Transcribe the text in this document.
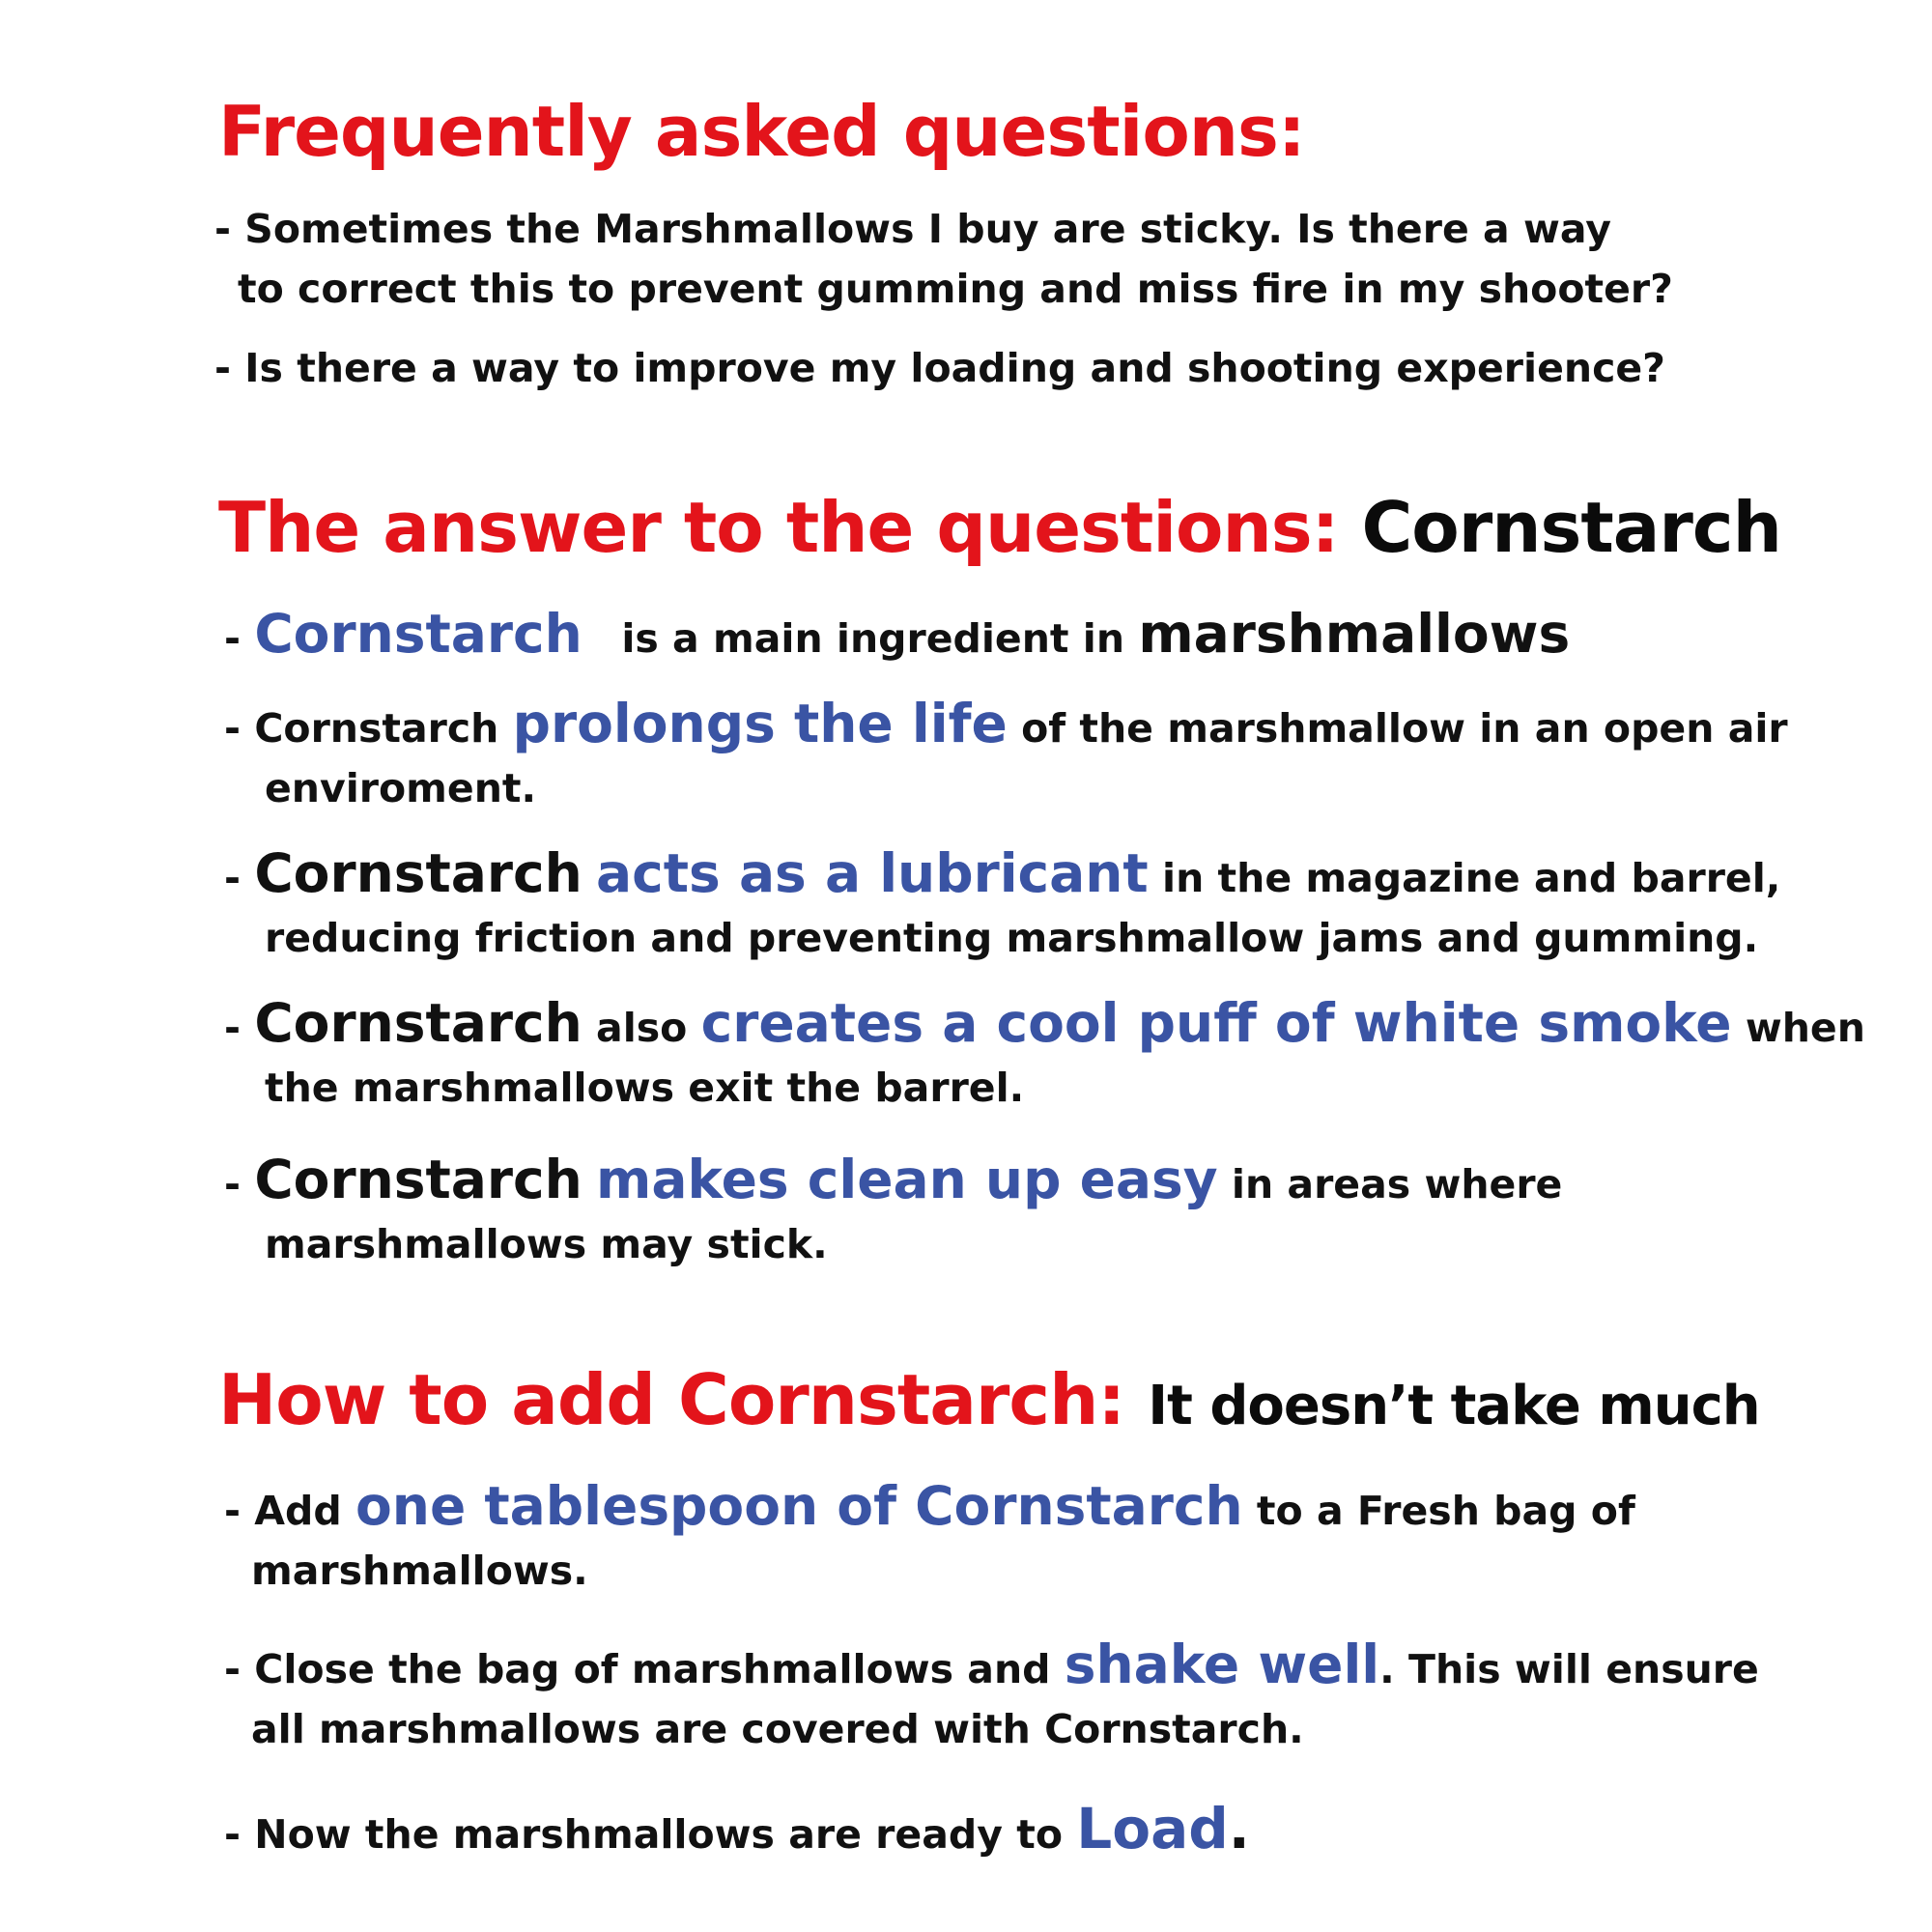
Frequently asked questions:
- Sometimes the Marshmallows I buy are sticky. Is there a way
to correct this to prevent gumming and miss fire in my shooter?
- Is there a way to improve my loading and shooting experience?
The answer to the questions: Cornstarch
- Cornstarch is a main ingredient in marshmallows
- Cornstarch prolongs the life of the marshmallow in an open air
enviroment.
- Cornstarch acts as a lubricant in the magazine and barrel,
reducing friction and preventing marshmallow jams and gumming.
- Cornstarch also creates a cool puff of white smoke when
the marshmallows exit the barrel.
- Cornstarch makes clean up easy in areas where
marshmallows may stick.
How to add Cornstarch: It doesn’t take much
- Add one tablespoon of Cornstarch to a Fresh bag of
marshmallows.
- Close the bag of marshmallows and shake well. This will ensure
all marshmallows are covered with Cornstarch.
- Now the marshmallows are ready to Load.
